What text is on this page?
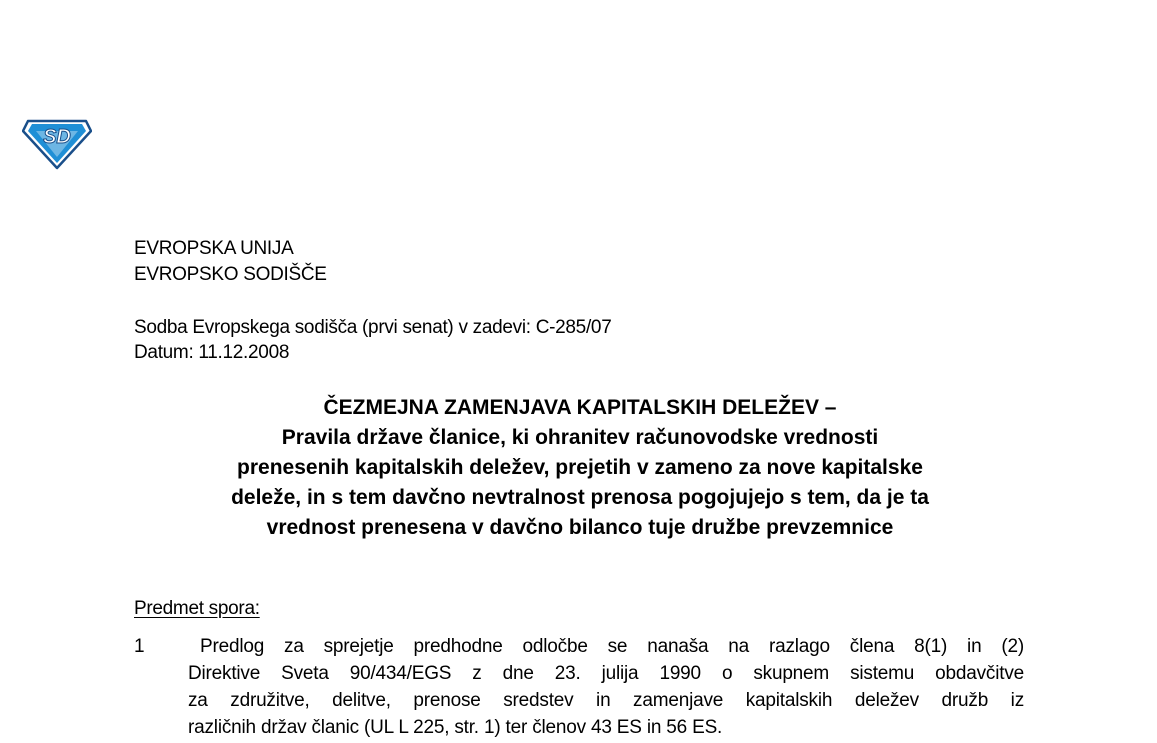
SD
EVROPSKA UNIJA
EVROPSKO SODIŠČE
Sodba Evropskega sodišča (prvi senat) v zadevi: C-285/07
Datum: 11.12.2008
ČEZMEJNA ZAMENJAVA KAPITALSKIH DELEŽEV –
Pravila države članice, ki ohranitev računovodske vrednosti
prenesenih kapitalskih deležev, prejetih v zameno za nove kapitalske
deleže, in s tem davčno nevtralnost prenosa pogojujejo s tem, da je ta
vrednost prenesena v davčno bilanco tuje družbe prevzemnice
Predmet spora:
1	Predlog za sprejetje predhodne odločbe se nanaša na razlago člena 8(1) in (2)
Direktive Sveta 90/434/EGS z dne 23. julija 1990 o skupnem sistemu obdavčitve
za združitve, delitve, prenose sredstev in zamenjave kapitalskih deležev družb iz
različnih držav članic (UL L 225, str. 1) ter členov 43 ES in 56 ES.
